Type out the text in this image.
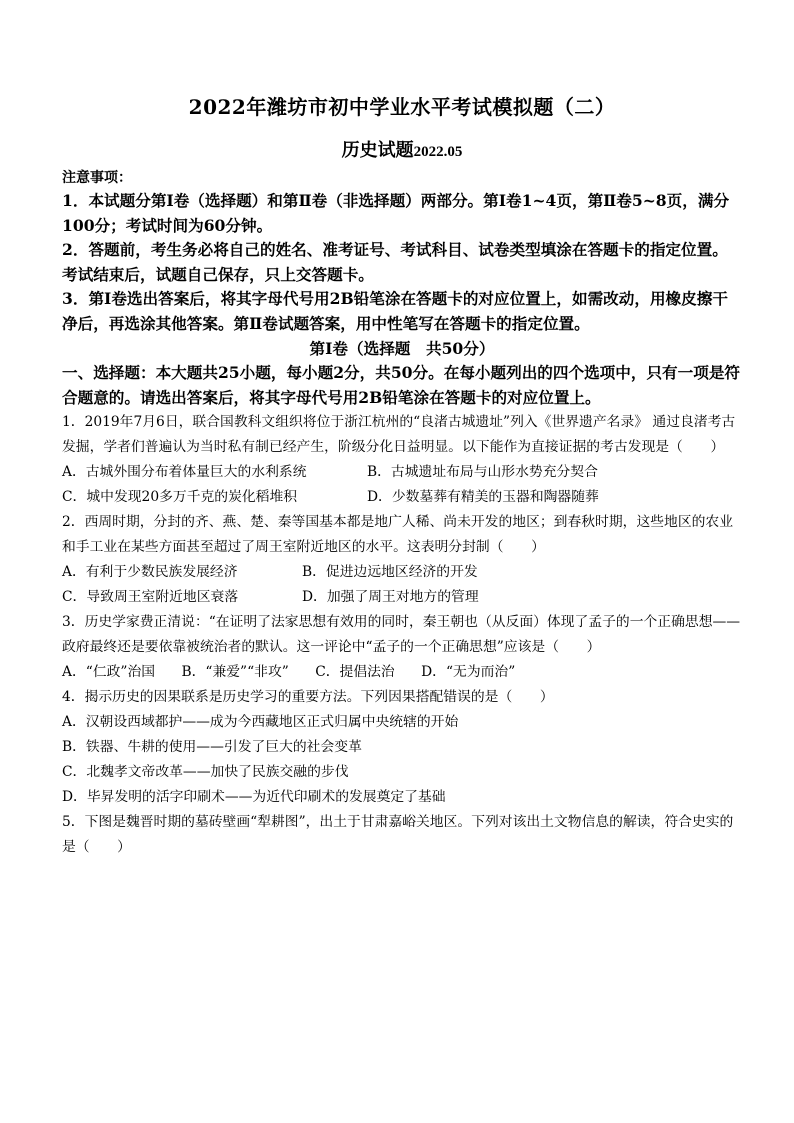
2022年潍坊市初中学业水平考试模拟题（二）
历史试题2022.05
注意事项：

1．本试题分第Ⅰ卷（选择题）和第Ⅱ卷（非选择题）两部分。第Ⅰ卷1~4页，第Ⅱ卷5~8页，满分100分；考试时间为60分钟。

2．答题前，考生务必将自己的姓名、准考证号、考试科目、试卷类型填涂在答题卡的指定位置。考试结束后，试题自己保存，只上交答题卡。

3．第Ⅰ卷选出答案后，将其字母代号用2B铅笔涂在答题卡的对应位置上，如需改动，用橡皮擦干净后，再选涂其他答案。第Ⅱ卷试题答案，用中性笔写在答题卡的指定位置。

第Ⅰ卷（选择题　共50分）

一、选择题：本大题共25小题，每小题2分，共50分。在每小题列出的四个选项中，只有一项是符合题意的。请选出答案后，将其字母代号用2B铅笔涂在答题卡的对应位置上。

1．2019年7月6日，联合国教科文组织将位于浙江杭州的“良渚古城遗址”列入《世界遗产名录》 通过良渚考古发掘，学者们普遍认为当时私有制已经产生，阶级分化日益明显。以下能作为直接证据的考古发现是（　　）

A．古城外围分布着体量巨大的水利系统	B．古城遗址布局与山形水势充分契合
C．城中发现20多万千克的炭化稻堆积	D．少数墓葬有精美的玉器和陶器随葬

2．西周时期，分封的齐、燕、楚、秦等国基本都是地广人稀、尚未开发的地区；到春秋时期，这些地区的农业和手工业在某些方面甚至超过了周王室附近地区的水平。这表明分封制（　　）

A．有利于少数民族发展经济	B．促进边远地区经济的开发
C．导致周王室附近地区衰落	D．加强了周王对地方的管理

3．历史学家费正清说：“在证明了法家思想有效用的同时，秦王朝也（从反面）体现了孟子的一个正确思想——政府最终还是要依靠被统治者的默认。这一评论中“孟子的一个正确思想”应该是（　　）

A．“仁政”治国 B．“兼爱”“非攻” C．提倡法治 D．“无为而治”

4．揭示历史的因果联系是历史学习的重要方法。下列因果搭配错误的是（　　）

A．汉朝设西域都护——成为今西藏地区正式归属中央统辖的开始
B．铁器、牛耕的使用——引发了巨大的社会变革
C．北魏孝文帝改革——加快了民族交融的步伐
D．毕昇发明的活字印刷术——为近代印刷术的发展奠定了基础

5．下图是魏晋时期的墓砖壁画“犁耕图”，出土于甘肃嘉峪关地区。下列对该出土文物信息的解读，符合史实的是（　　）
